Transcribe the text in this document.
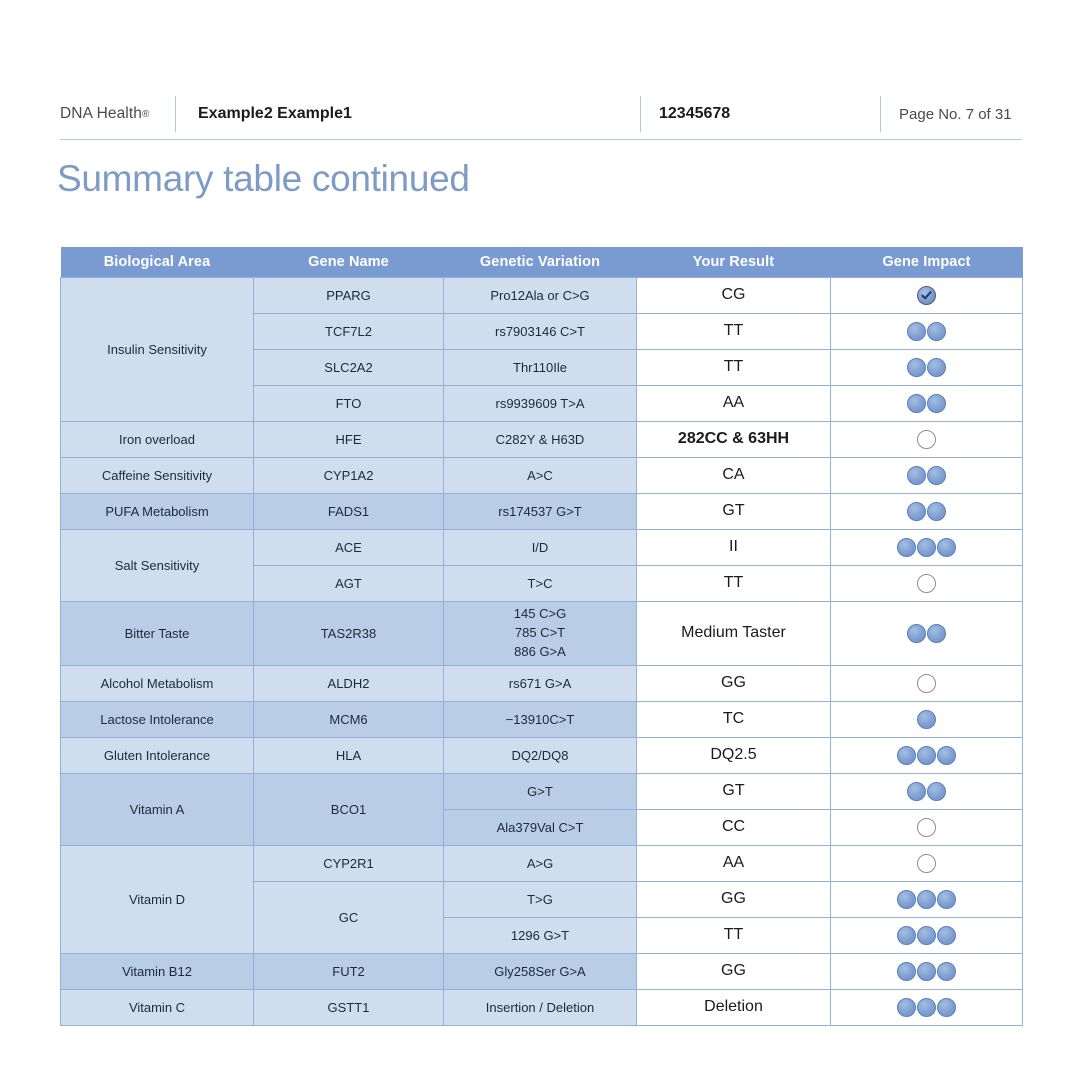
DNA Health ®	Example2 Example1	12345678	Page No. 7 of 31
Summary table continued
Biological Area	Gene Name	Genetic Variation	Your Result	Gene Impact
Insulin Sensitivity	PPARG	Pro12Ala or C>G	CG	

	TCF7L2	rs7903146 C>T	TT	

	SLC2A2	Thr110Ile	TT	

	FTO	rs9939609 T>A	AA	

Iron overload	HFE	C282Y & H63D	282CC & 63HH	

Caffeine Sensitivity	CYP1A2	A>C	CA	

PUFA Metabolism	FADS1	rs174537 G>T	GT	

Salt Sensitivity	ACE	I/D	II	

	AGT	T>C	TT	

Bitter Taste	TAS2R38	145 C>G
785 C>T
886 G>A	Medium Taster	

Alcohol Metabolism	ALDH2	rs671 G>A	GG	

Lactose Intolerance	MCM6	−13910C>T	TC	

Gluten Intolerance	HLA	DQ2/DQ8	DQ2.5	

Vitamin A	BCO1	G>T	GT	

		Ala379Val C>T	CC	

Vitamin D	CYP2R1	A>G	AA	

	GC	T>G	GG	

		1296 G>T	TT	

Vitamin B12	FUT2	Gly258Ser G>A	GG	

Vitamin C	GSTT1	Insertion / Deletion	Deletion	
